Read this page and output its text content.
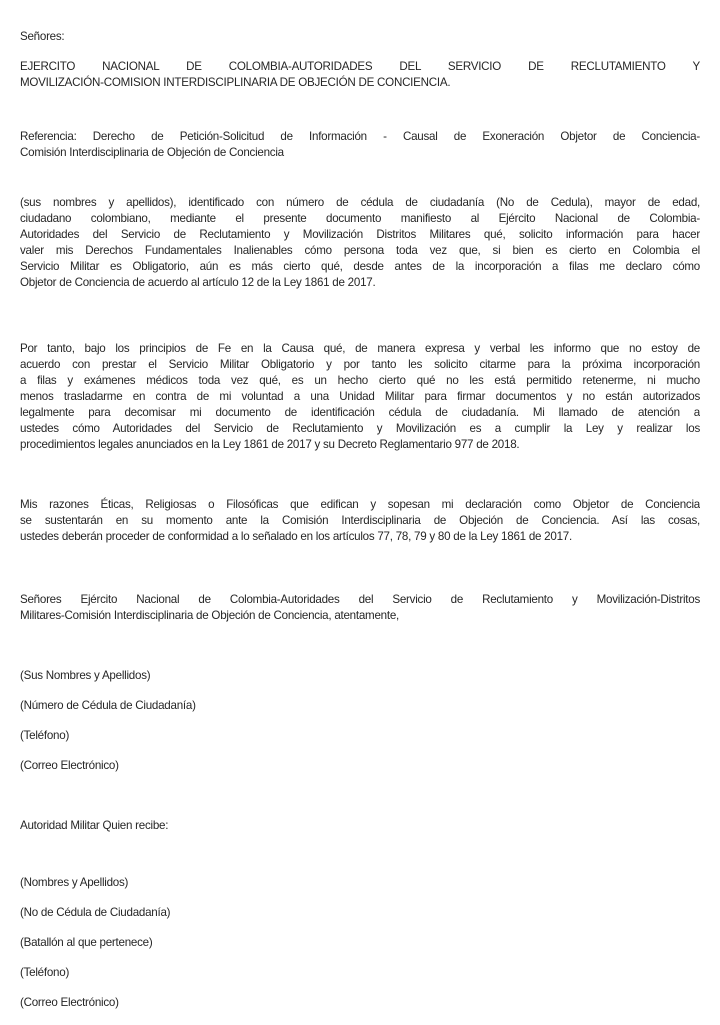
Señores:
EJERCITO NACIONAL DE COLOMBIA-AUTORIDADES DEL SERVICIO DE RECLUTAMIENTO Y
MOVILIZACIÓN-COMISION INTERDISCIPLINARIA DE OBJECIÓN DE CONCIENCIA.
Referencia: Derecho de Petición-Solicitud de Información - Causal de Exoneración Objetor de Conciencia-
Comisión Interdisciplinaria de Objeción de Conciencia
(sus nombres y apellidos), identificado con número de cédula de ciudadanía (No de Cedula), mayor de edad,
ciudadano colombiano, mediante el presente documento manifiesto al Ejército Nacional de Colombia-
Autoridades del Servicio de Reclutamiento y Movilización Distritos Militares qué, solicito información para hacer
valer mis Derechos Fundamentales Inalienables cómo persona toda vez que, si bien es cierto en Colombia el
Servicio Militar es Obligatorio, aún es más cierto qué, desde antes de la incorporación a filas me declaro cómo
Objetor de Conciencia de acuerdo al artículo 12 de la Ley 1861 de 2017.
Por tanto, bajo los principios de Fe en la Causa qué, de manera expresa y verbal les informo que no estoy de
acuerdo con prestar el Servicio Militar Obligatorio y por tanto les solicito citarme para la próxima incorporación
a filas y exámenes médicos toda vez qué, es un hecho cierto qué no les está permitido retenerme, ni mucho
menos trasladarme en contra de mi voluntad a una Unidad Militar para firmar documentos y no están autorizados
legalmente para decomisar mi documento de identificación cédula de ciudadanía. Mi llamado de atención a
ustedes cómo Autoridades del Servicio de Reclutamiento y Movilización es a cumplir la Ley y realizar los
procedimientos legales anunciados en la Ley 1861 de 2017 y su Decreto Reglamentario 977 de 2018.
Mis razones Éticas, Religiosas o Filosóficas que edifican y sopesan mi declaración como Objetor de Conciencia
se sustentarán en su momento ante la Comisión Interdisciplinaria de Objeción de Conciencia. Así las cosas,
ustedes deberán proceder de conformidad a lo señalado en los artículos 77, 78, 79 y 80 de la Ley 1861 de 2017.
Señores Ejército Nacional de Colombia-Autoridades del Servicio de Reclutamiento y Movilización-Distritos
Militares-Comisión Interdisciplinaria de Objeción de Conciencia, atentamente,
(Sus Nombres y Apellidos)
(Número de Cédula de Ciudadanía)
(Teléfono)
(Correo Electrónico)
Autoridad Militar Quien recibe:
(Nombres y Apellidos)
(No de Cédula de Ciudadanía)
(Batallón al que pertenece)
(Teléfono)
(Correo Electrónico)
